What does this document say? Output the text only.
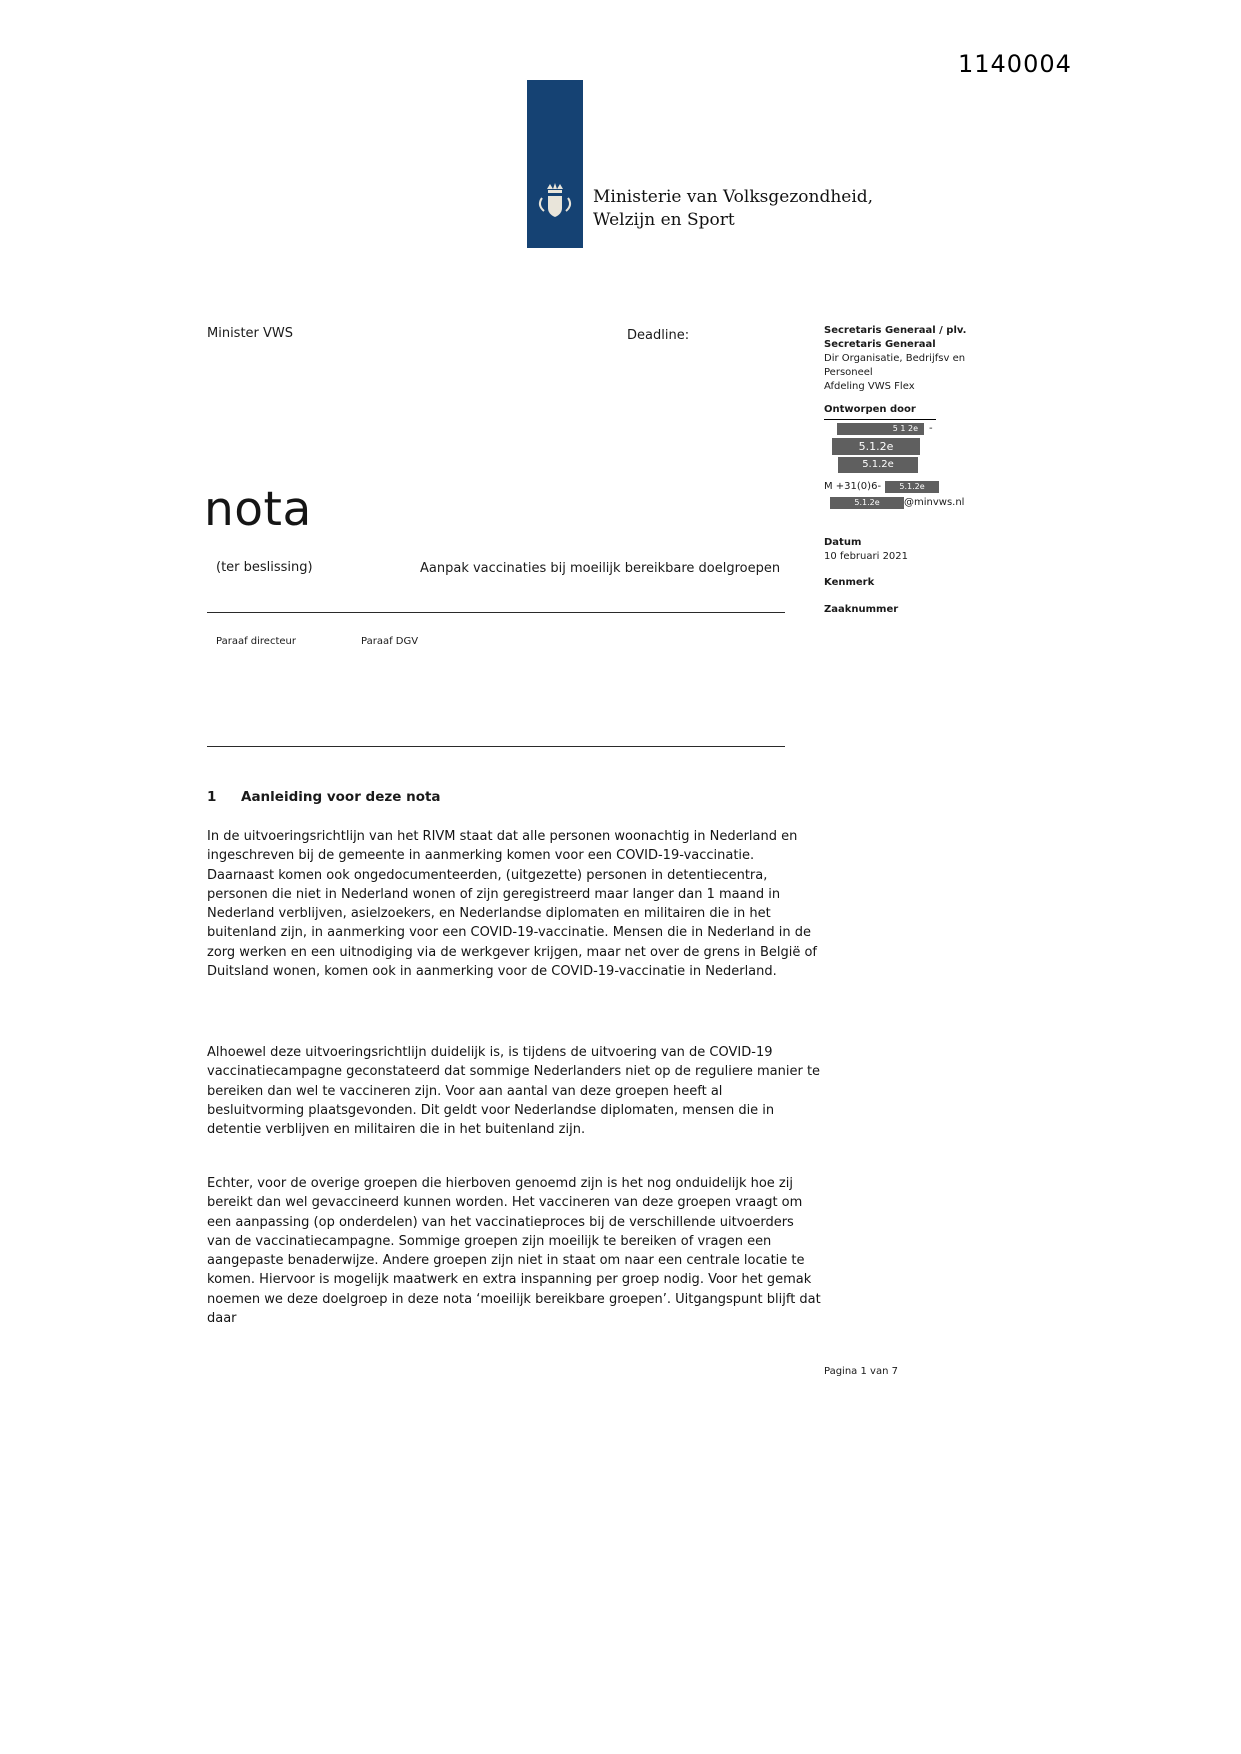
1140004
Ministerie van Volksgezondheid,
Welzijn en Sport
Minister VWS	Deadline:	Secretaris Generaal / plv.
Secretaris Generaal
Dir Organisatie, Bedrijfsv en
Personeel
Afdeling VWS Flex
Ontworpen door
5 1 2e	-
5.1.2e
5.1.2e
M +31(0)6-	5.1.2e
5.1.2e	@minvws.nl
Datum
10 februari 2021
Kenmerk
Zaaknummer
nota
(ter beslissing)	Aanpak vaccinaties bij moeilijk bereikbare doelgroepen
Paraaf directeur	Paraaf DGV
1 Aanleiding voor deze nota

In de uitvoeringsrichtlijn van het RIVM staat dat alle personen woonachtig in Nederland en ingeschreven bij de gemeente in aanmerking komen voor een COVID-19-vaccinatie. Daarnaast komen ook ongedocumenteerden, (uitgezette) personen in detentiecentra, personen die niet in Nederland wonen of zijn geregistreerd maar langer dan 1 maand in Nederland verblijven, asielzoekers, en Nederlandse diplomaten en militairen die in het buitenland zijn, in aanmerking voor een COVID-19-vaccinatie. Mensen die in Nederland in de zorg werken en een uitnodiging via de werkgever krijgen, maar net over de grens in België of Duitsland wonen, komen ook in aanmerking voor de COVID-19-vaccinatie in Nederland.

Alhoewel deze uitvoeringsrichtlijn duidelijk is, is tijdens de uitvoering van de COVID-19 vaccinatiecampagne geconstateerd dat sommige Nederlanders niet op de reguliere manier te bereiken dan wel te vaccineren zijn. Voor aan aantal van deze groepen heeft al besluitvorming plaatsgevonden. Dit geldt voor Nederlandse diplomaten, mensen die in detentie verblijven en militairen die in het buitenland zijn.

Echter, voor de overige groepen die hierboven genoemd zijn is het nog onduidelijk hoe zij bereikt dan wel gevaccineerd kunnen worden. Het vaccineren van deze groepen vraagt om een aanpassing (op onderdelen) van het vaccinatieproces bij de verschillende uitvoerders van de vaccinatiecampagne. Sommige groepen zijn moeilijk te bereiken of vragen een aangepaste benaderwijze. Andere groepen zijn niet in staat om naar een centrale locatie te komen. Hiervoor is mogelijk maatwerk en extra inspanning per groep nodig. Voor het gemak noemen we deze doelgroep in deze nota ‘moeilijk bereikbare groepen’. Uitgangspunt blijft dat daar

Pagina 1 van 7
